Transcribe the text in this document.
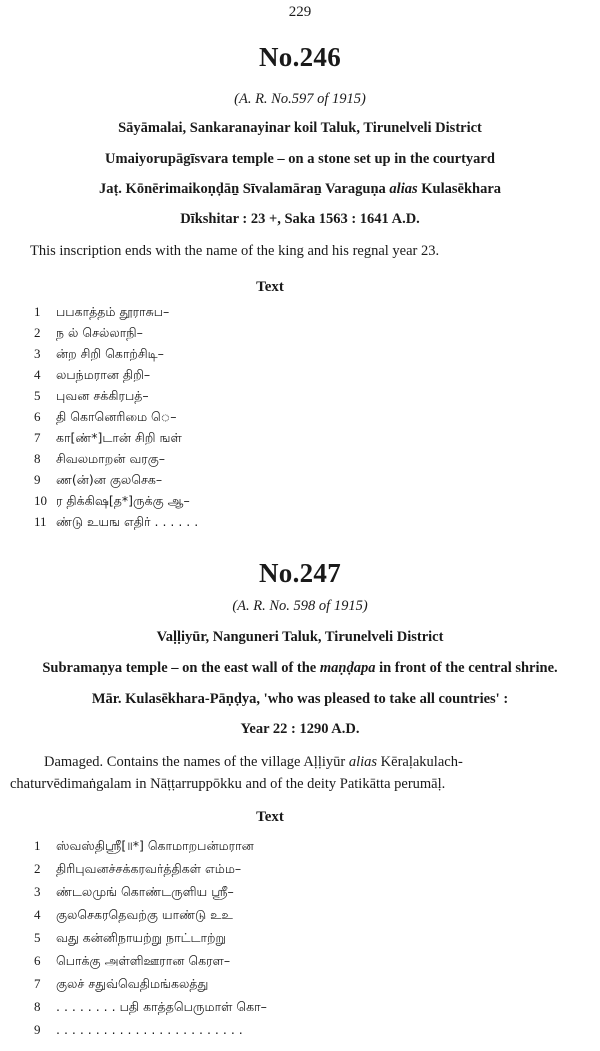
229
No.246
(A. R. No.597 of 1915)
Sāyāmalai, Sankaranayinar koil Taluk, Tirunelveli District
Umaiyorupāgīsvara temple – on a stone set up in the courtyard
Jaṭ. Kōnērimaikoṇḍāṉ Sīvalamāraṉ Varaguṇa alias Kulasēkhara
Dīkshitar : 23 +, Saka 1563 : 1641 A.D.
This inscription ends with the name of the king and his regnal year 23.
Text
1 பபகாத்தம் தூராசுப–
2 ந ல் செல்லாநி–
3 ன்ற சிறி கொற்சிடி–
4 லபந்மரான திறி–
5 புவன சக்கிரபத்–
6 தி கொனெரிமை ெ–
7 கா[ண்*]டான் சிறி ஙள்
8 சிவலமாறன் வரகு–
9 ண(ன்)ன குலசெக–
10 ர திக்கிஷ[த*]ருக்கு ஆ–
11 ண்டு உயங எதிர் . . . . . .
No.247
(A. R. No. 598 of 1915)
Vaḷḷiyūr, Nanguneri Taluk, Tirunelveli District
Subramaṇya temple – on the east wall of the maṇḍapa in front of the central shrine.
Mār. Kulasēkhara-Pāṇḍya, 'who was pleased to take all countries' :
Year 22 : 1290 A.D.
Damaged. Contains the names of the village Aḷḷiyūr alias Kēraḷakulach-
chaturvēdimaṅgalam in Nāṭṭarruppōkku and of the deity Patikātta perumāḷ.
Text
1 ஸ்வஸ்திஸ்ரீ[॥*] கொமாறபன்மரான
2 திரிபுவனச்சக்கரவர்த்திகள் எம்ம–
3 ண்டலமுங் கொண்டருளிய ஸ்ரீ–
4 குலசெகரதெவற்கு யாண்டு உஉ
5 வது கன்னிநாயற்று நாட்டாற்று
6 பொக்கு அள்ளிஊரான கெரள–
7 குலச் சதுவ்வெதிமங்கலத்து
8 . . . . . . . . பதி காத்தபெருமாள் கொ–
9 . . . . . . . . . . . . . . . . . . . . . . . .
